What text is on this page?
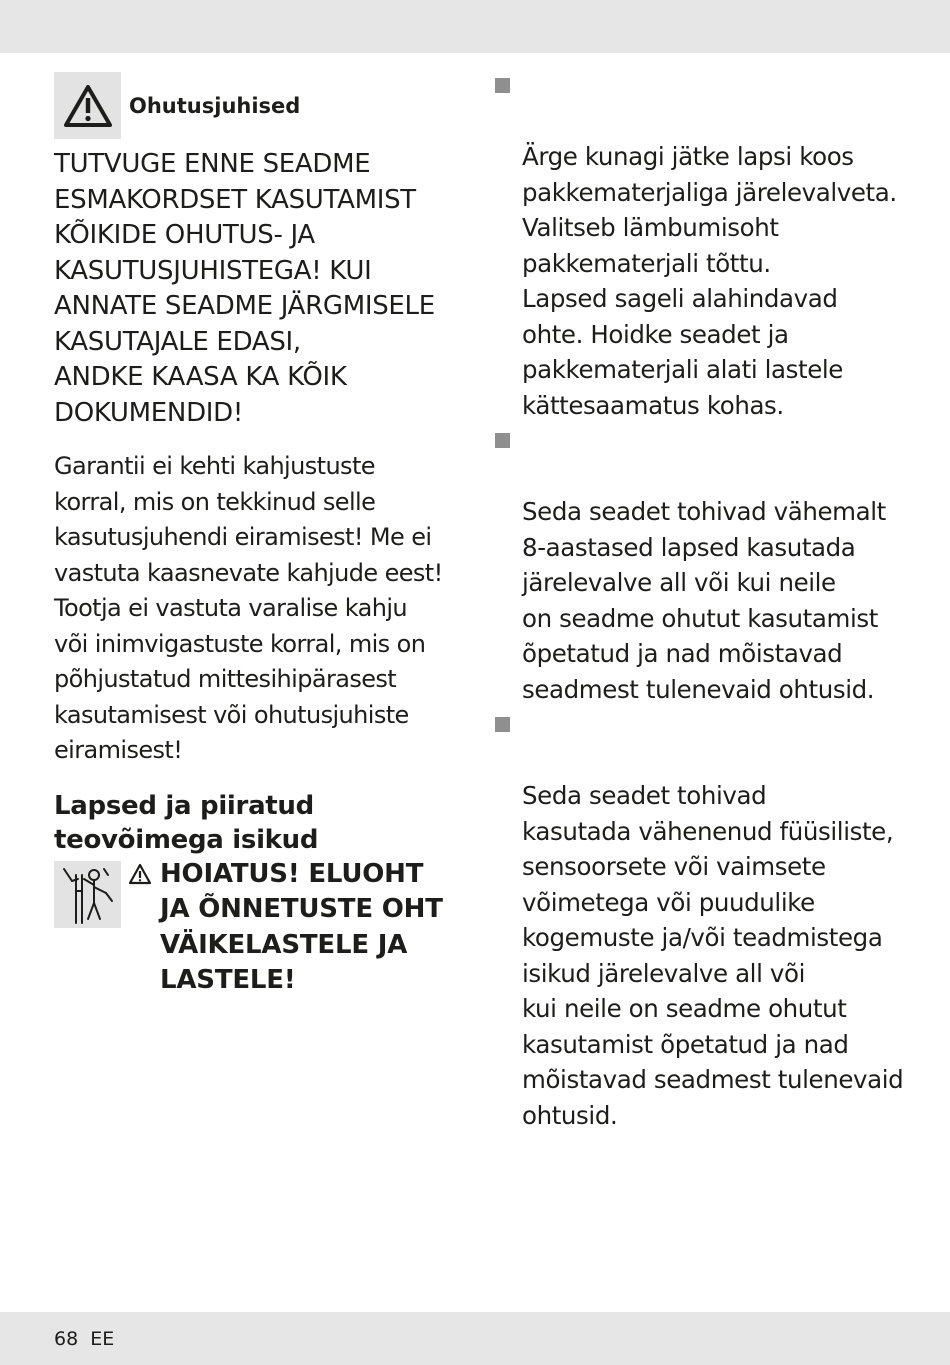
Ohutusjuhised
TUTVUGE ENNE SEADME
ESMAKORDSET KASUTAMIST
KÕIKIDE OHUTUS- JA
KASUTUSJUHISTEGA! KUI
ANNATE SEADME JÄRGMISELE
KASUTAJALE EDASI,
ANDKE KAASA KA KÕIK
DOKUMENDID!
Garantii ei kehti kahjustuste
korral, mis on tekkinud selle
kasutusjuhendi eiramisest! Me ei
vastuta kaasnevate kahjude eest!
Tootja ei vastuta varalise kahju
või inimvigastuste korral, mis on
põhjustatud mittesihipärasest
kasutamisest või ohutusjuhiste
eiramisest!
Lapsed ja piiratud
teovõimega isikud
HOIATUS! ELUOHT
JA ÕNNETUSTE OHT
VÄIKELASTELE JA
LASTELE!

Ärge kunagi jätke lapsi koos
pakkematerjaliga järelevalveta.
Valitseb lämbumisoht
pakkematerjali tõttu.
Lapsed sageli alahindavad
ohte. Hoidke seadet ja
pakkematerjali alati lastele
kättesaamatus kohas.

Seda seadet tohivad vähemalt
8-aastased lapsed kasutada
järelevalve all või kui neile
on seadme ohutut kasutamist
õpetatud ja nad mõistavad
seadmest tulenevaid ohtusid.

Seda seadet tohivad
kasutada vähenenud füüsiliste,
sensoorsete või vaimsete
võimetega või puudulike
kogemuste ja/või teadmistega
isikud järelevalve all või
kui neile on seadme ohutut
kasutamist õpetatud ja nad
mõistavad seadmest tulenevaid
ohtusid.

68 EE
